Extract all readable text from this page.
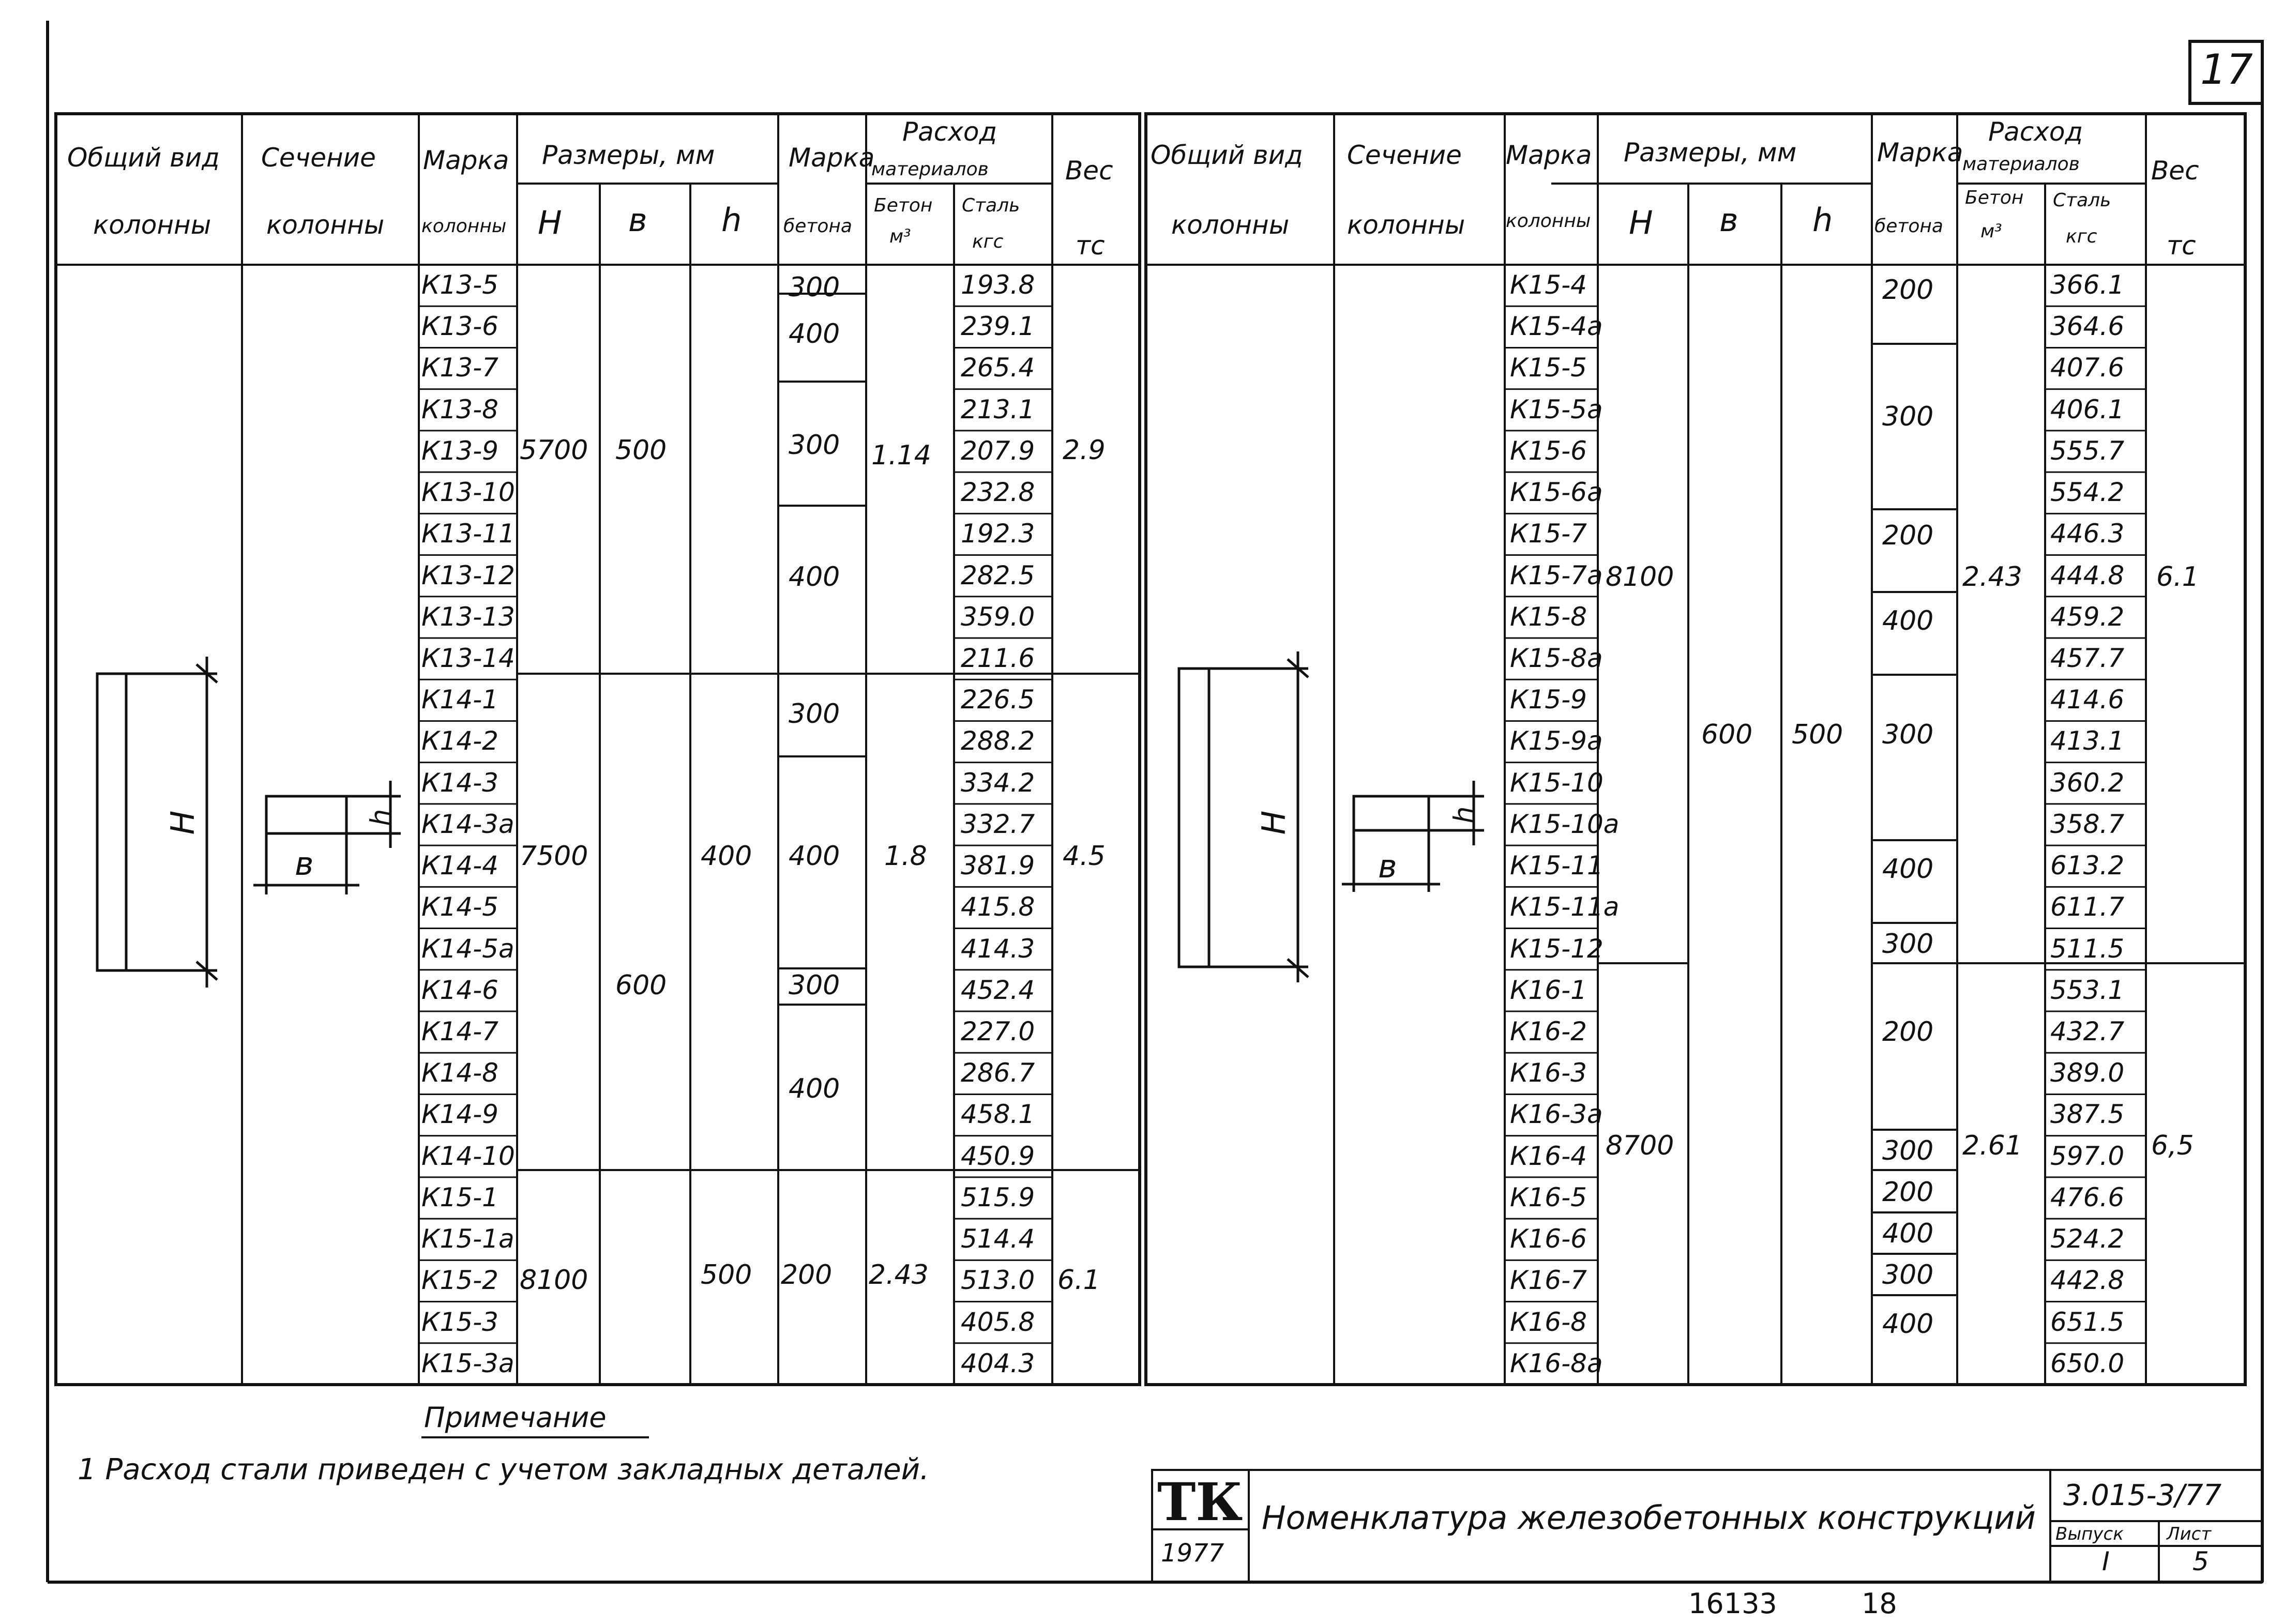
17
Общий вид
колонны
Сечение
колонны
Марка
колонны
Размеры, мм
H в h
Марка
бетона
Расход
материалов
Бетон
м³
Сталь
кгс
Вес
тс
Общий вид
колонны
Сечение
колонны
Марка
колонны
Размеры, мм
H в h
Марка
бетона
Расход
материалов
Бетон
м³
Сталь
кгс
Вес
тс
К13-5
К13-6
К13-7
К13-8
К13-9
К13-10
К13-11
К13-12
К13-13
К13-14
К14-1
К14-2
К14-3
К14-3а
К14-4
К14-5
К14-5а
К14-6
К14-7
К14-8
К14-9
К14-10
К15-1
К15-1а
К15-2
К15-3
К15-3а
193.8
239.1
265.4
213.1
207.9
232.8
192.3
282.5
359.0
211.6
226.5
288.2
334.2
332.7
381.9
415.8
414.3
452.4
227.0
286.7
458.1
450.9
515.9
514.4
513.0
405.8
404.3
К15-4
К15-4а
К15-5
К15-5а
К15-6
К15-6а
К15-7
К15-7а
К15-8
К15-8а
К15-9
К15-9а
К15-10
К15-10а
К15-11
К15-11а
К15-12
К16-1
К16-2
К16-3
К16-3а
К16-4
К16-5
К16-6
К16-7
К16-8
К16-8а
366.1
364.6
407.6
406.1
555.7
554.2
446.3
444.8
459.2
457.7
414.6
413.1
360.2
358.7
613.2
611.7
511.5
553.1
432.7
389.0
387.5
597.0
476.6
524.2
442.8
651.5
650.0
5700
7500
8100
500
600
400
500
300
400
300
400
300
400
300
400
200
1.14
1.8
2.43
2.9
4.5
6.1
8100
8700
600 500
200
300
200
400
300
400
300
200
300
200
400
300
400
2.43
2.61
6.1
6,5
H
в
h	H
в
h
Примечание
1 Расход стали приведен с учетом закладных деталей.
ТК
1977
Номенклатура железобетонных конструкций
3.015-3/77
Выпуск
I
Лист
5
16133	18
